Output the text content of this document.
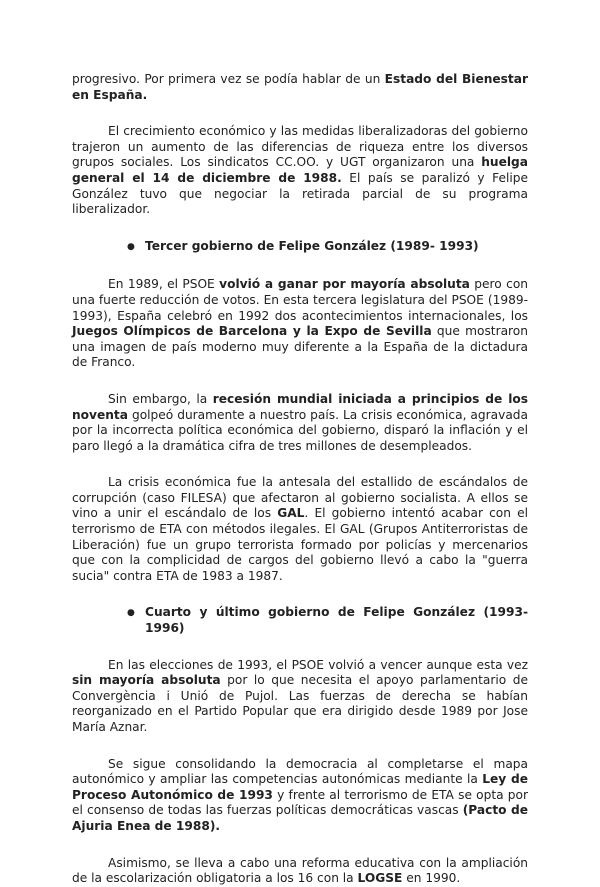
progresivo. Por primera vez se podía hablar de un Estado del Bienestar en España.

El crecimiento económico y las medidas liberalizadoras del gobierno trajeron un aumento de las diferencias de riqueza entre los diversos grupos sociales. Los sindicatos CC.OO. y UGT organizaron una huelga general el 14 de diciembre de 1988. El país se paralizó y Felipe González tuvo que negociar la retirada parcial de su programa liberalizador.

● Tercer gobierno de Felipe González (1989- 1993)

En 1989, el PSOE volvió a ganar por mayoría absoluta pero con una fuerte reducción de votos. En esta tercera legislatura del PSOE (1989-1993), España celebró en 1992 dos acontecimientos internacionales, los Juegos Olímpicos de Barcelona y la Expo de Sevilla que mostraron una imagen de país moderno muy diferente a la España de la dictadura de Franco.

Sin embargo, la recesión mundial iniciada a principios de los noventa golpeó duramente a nuestro país. La crisis económica, agravada por la incorrecta política económica del gobierno, disparó la inflación y el paro llegó a la dramática cifra de tres millones de desempleados.

La crisis económica fue la antesala del estallido de escándalos de corrupción (caso FILESA) que afectaron al gobierno socialista. A ellos se vino a unir el escándalo de los GAL. El gobierno intentó acabar con el terrorismo de ETA con métodos ilegales. El GAL (Grupos Antiterroristas de Liberación) fue un grupo terrorista formado por policías y mercenarios que con la complicidad de cargos del gobierno llevó a cabo la "guerra sucia" contra ETA de 1983 a 1987.

● Cuarto y último gobierno de Felipe González (1993-1996)

En las elecciones de 1993, el PSOE volvió a vencer aunque esta vez sin mayoría absoluta por lo que necesita el apoyo parlamentario de Convergència i Unió de Pujol. Las fuerzas de derecha se habían reorganizado en el Partido Popular que era dirigido desde 1989 por Jose María Aznar.

Se sigue consolidando la democracia al completarse el mapa autonómico y ampliar las competencias autonómicas mediante la Ley de Proceso Autonómico de 1993 y frente al terrorismo de ETA se opta por el consenso de todas las fuerzas políticas democráticas vascas (Pacto de Ajuria Enea de 1988).

Asimismo, se lleva a cabo una reforma educativa con la ampliación de la escolarización obligatoria a los 16 con la LOGSE en 1990.
